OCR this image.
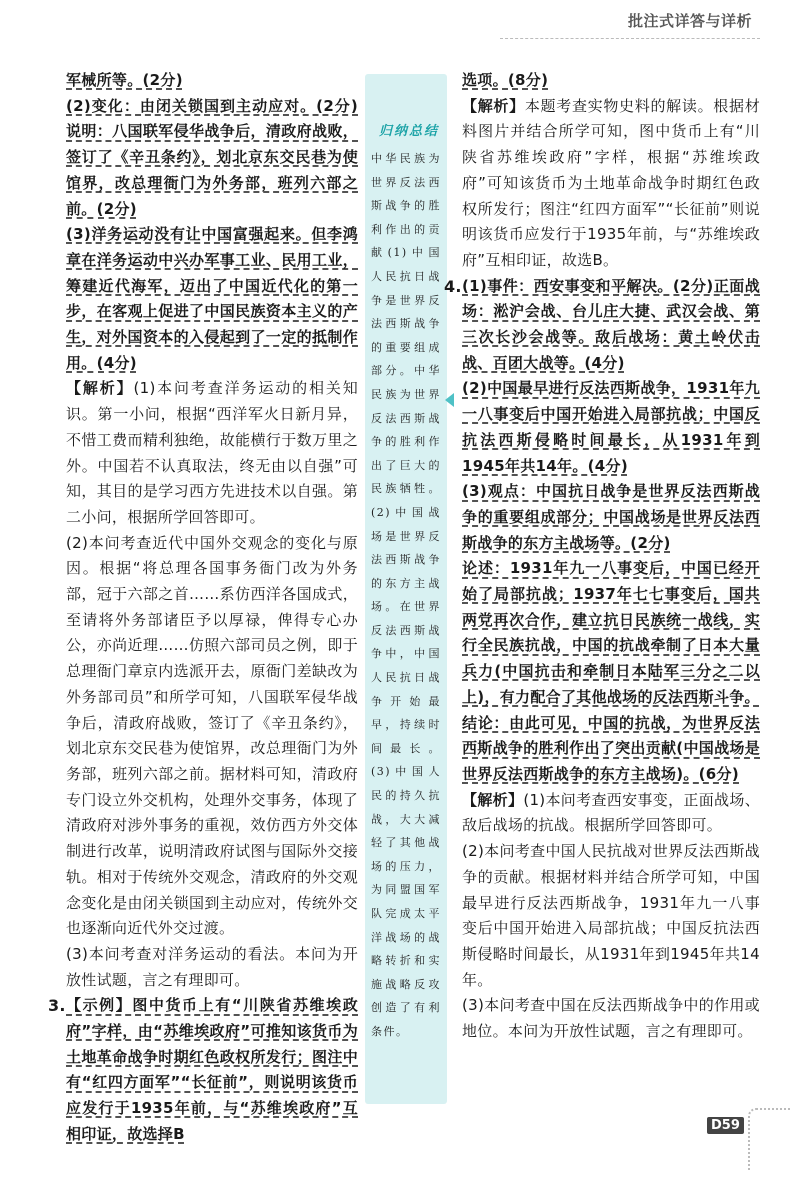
批注式详答与详析

军械所等。(2分)

(2)变化：由闭关锁国到主动应对。(2分)说明：八国联军侵华战争后，清政府战败，签订了《辛丑条约》，划北京东交民巷为使馆界，改总理衙门为外务部，班列六部之前。(2分)

(3)洋务运动没有让中国富强起来。但李鸿章在洋务运动中兴办军事工业、民用工业，筹建近代海军，迈出了中国近代化的第一步，在客观上促进了中国民族资本主义的产生，对外国资本的入侵起到了一定的抵制作用。(4分)

【解析】(1)本问考查洋务运动的相关知识。第一小问，根据“西洋军火日新月异，不惜工费而精利独绝，故能横行于数万里之外。中国若不认真取法，终无由以自强”可知，其目的是学习西方先进技术以自强。第二小问，根据所学回答即可。

(2)本问考查近代中国外交观念的变化与原因。根据“将总理各国事务衙门改为外务部，冠于六部之首……系仿西洋各国成式，至请将外务部诸臣予以厚禄，俾得专心办公，亦尚近理……仿照六部司员之例，即于总理衙门章京内选派开去，原衙门差缺改为外务部司员”和所学可知，八国联军侵华战争后，清政府战败，签订了《辛丑条约》，划北京东交民巷为使馆界，改总理衙门为外务部，班列六部之前。据材料可知，清政府专门设立外交机构，处理外交事务，体现了清政府对涉外事务的重视，效仿西方外交体制进行改革，说明清政府试图与国际外交接轨。相对于传统外交观念，清政府的外交观念变化是由闭关锁国到主动应对，传统外交也逐渐向近代外交过渡。

(3)本问考查对洋务运动的看法。本问为开放性试题，言之有理即可。

3. 【示例】图中货币上有“川陕省苏维埃政府”字样，由“苏维埃政府”可推知该货币为土地革命战争时期红色政权所发行；图注中有“红四方面军”“长征前”，则说明该货币应发行于1935年前，与“苏维埃政府”互相印证，故选择B

归纳总结
中华民族为世界反法西斯战争的胜利作出的贡献(1)中国人民抗日战争是世界反法西斯战争的重要组成部分。中华民族为世界反法西斯战争的胜利作出了巨大的民族牺牲。(2)中国战场是世界反法西斯战争的东方主战场。在世界反法西斯战争中，中国人民抗日战争开始最早，持续时间最长。(3)中国人民的持久抗战，大大减轻了其他战场的压力，为同盟国军队完成太平洋战场的战略转折和实施战略反攻创造了有利条件。

选项。(8分)

【解析】本题考查实物史料的解读。根据材料图片并结合所学可知，图中货币上有“川陕省苏维埃政府”字样，根据“苏维埃政府”可知该货币为土地革命战争时期红色政权所发行；图注“红四方面军”“长征前”则说明该货币应发行于1935年前，与“苏维埃政府”互相印证，故选B。

4. (1)事件：西安事变和平解决。(2分)正面战场：淞沪会战、台儿庄大捷、武汉会战、第三次长沙会战等。敌后战场：黄土岭伏击战、百团大战等。(4分)

(2)中国最早进行反法西斯战争，1931年九一八事变后中国开始进入局部抗战；中国反抗法西斯侵略时间最长，从1931年到1945年共14年。(4分)

(3)观点：中国抗日战争是世界反法西斯战争的重要组成部分；中国战场是世界反法西斯战争的东方主战场等。(2分)

论述：1931年九一八事变后，中国已经开始了局部抗战；1937年七七事变后，国共两党再次合作，建立抗日民族统一战线，实行全民族抗战，中国的抗战牵制了日本大量兵力(中国抗击和牵制日本陆军三分之二以上)，有力配合了其他战场的反法西斯斗争。

结论：由此可见，中国的抗战，为世界反法西斯战争的胜利作出了突出贡献(中国战场是世界反法西斯战争的东方主战场)。(6分)

【解析】(1)本问考查西安事变，正面战场、敌后战场的抗战。根据所学回答即可。

(2)本问考查中国人民抗战对世界反法西斯战争的贡献。根据材料并结合所学可知，中国最早进行反法西斯战争，1931年九一八事变后中国开始进入局部抗战；中国反抗法西斯侵略时间最长，从1931年到1945年共14年。

(3)本问考查中国在反法西斯战争中的作用或地位。本问为开放性试题，言之有理即可。

D59
